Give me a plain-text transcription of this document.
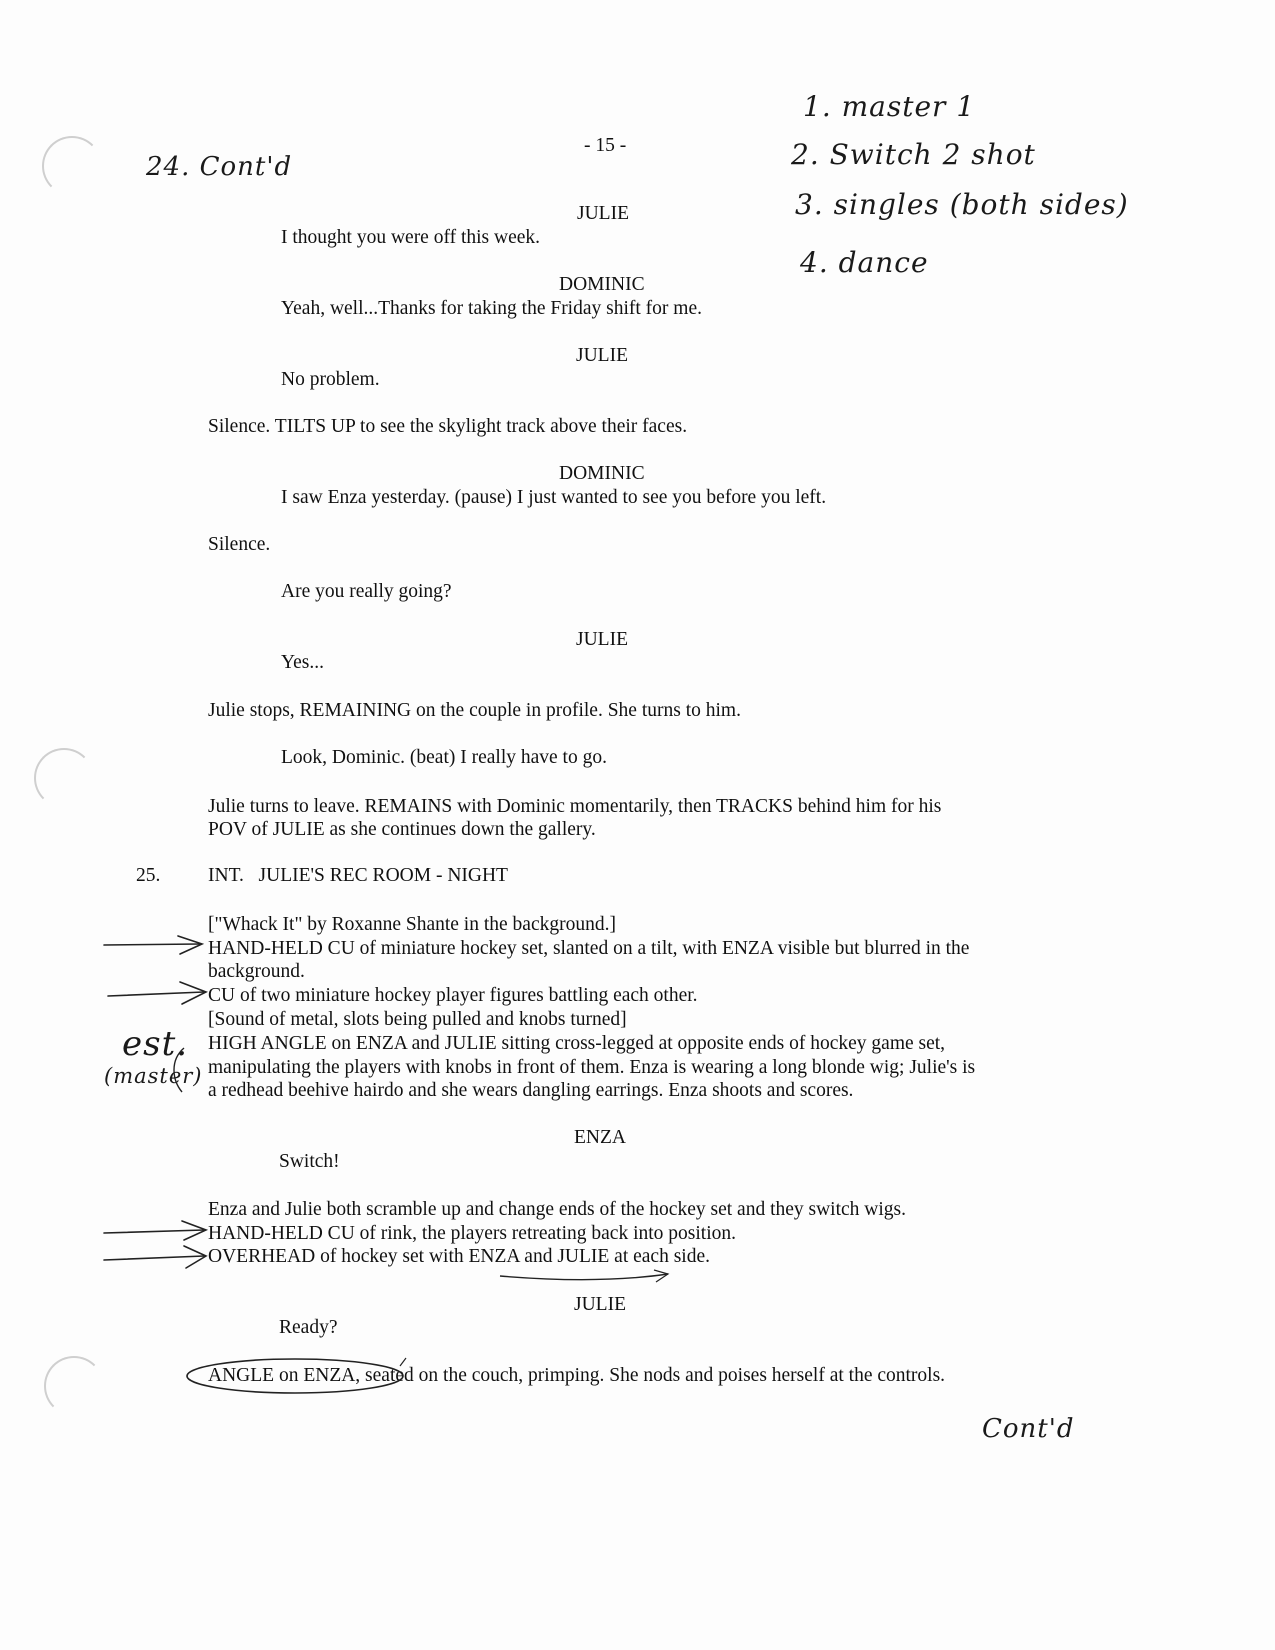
- 15 -
24. Cont'd
1. master 1
2. Switch 2 shot
3. singles (both sides)
4. dance
est.
(master)
Cont'd
JULIE
I thought you were off this week.
DOMINIC
Yeah, well...Thanks for taking the Friday shift for me.
JULIE
No problem.
Silence. TILTS UP to see the skylight track above their faces.
DOMINIC
I saw Enza yesterday. (pause) I just wanted to see you before you left.
Silence.
Are you really going?
JULIE
Yes...
Julie stops, REMAINING on the couple in profile. She turns to him.
Look, Dominic. (beat) I really have to go.
Julie turns to leave. REMAINS with Dominic momentarily, then TRACKS behind him for his
POV of JULIE as she continues down the gallery.
25. INT.   JULIE'S REC ROOM - NIGHT
["Whack It" by Roxanne Shante in the background.]
HAND-HELD CU of miniature hockey set, slanted on a tilt, with ENZA visible but blurred in the
background.
CU of two miniature hockey player figures battling each other.
[Sound of metal, slots being pulled and knobs turned]
HIGH ANGLE on ENZA and JULIE sitting cross-legged at opposite ends of hockey game set,
manipulating the players with knobs in front of them. Enza is wearing a long blonde wig; Julie's is
a redhead beehive hairdo and she wears dangling earrings. Enza shoots and scores.
ENZA
Switch!
Enza and Julie both scramble up and change ends of the hockey set and they switch wigs.
HAND-HELD CU of rink, the players retreating back into position.
OVERHEAD of hockey set with ENZA and JULIE at each side.
JULIE
Ready?
ANGLE on ENZA, seated on the couch, primping. She nods and poises herself at the controls.
